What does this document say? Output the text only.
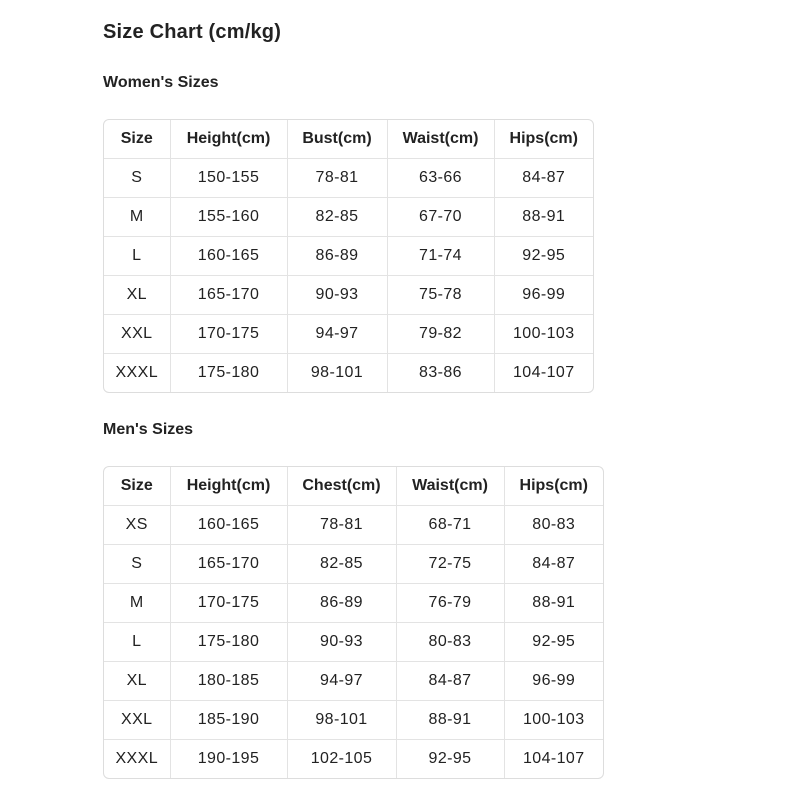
Size Chart (cm/kg)
Women's Sizes
Size	Height(cm)	Bust(cm)	Waist(cm)	Hips(cm)
S	150-155	78-81	63-66	84-87
M	155-160	82-85	67-70	88-91
L	160-165	86-89	71-74	92-95
XL	165-170	90-93	75-78	96-99
XXL	170-175	94-97	79-82	100-103
XXXL	175-180	98-101	83-86	104-107
Men's Sizes
Size	Height(cm)	Chest(cm)	Waist(cm)	Hips(cm)
XS	160-165	78-81	68-71	80-83
S	165-170	82-85	72-75	84-87
M	170-175	86-89	76-79	88-91
L	175-180	90-93	80-83	92-95
XL	180-185	94-97	84-87	96-99
XXL	185-190	98-101	88-91	100-103
XXXL	190-195	102-105	92-95	104-107
